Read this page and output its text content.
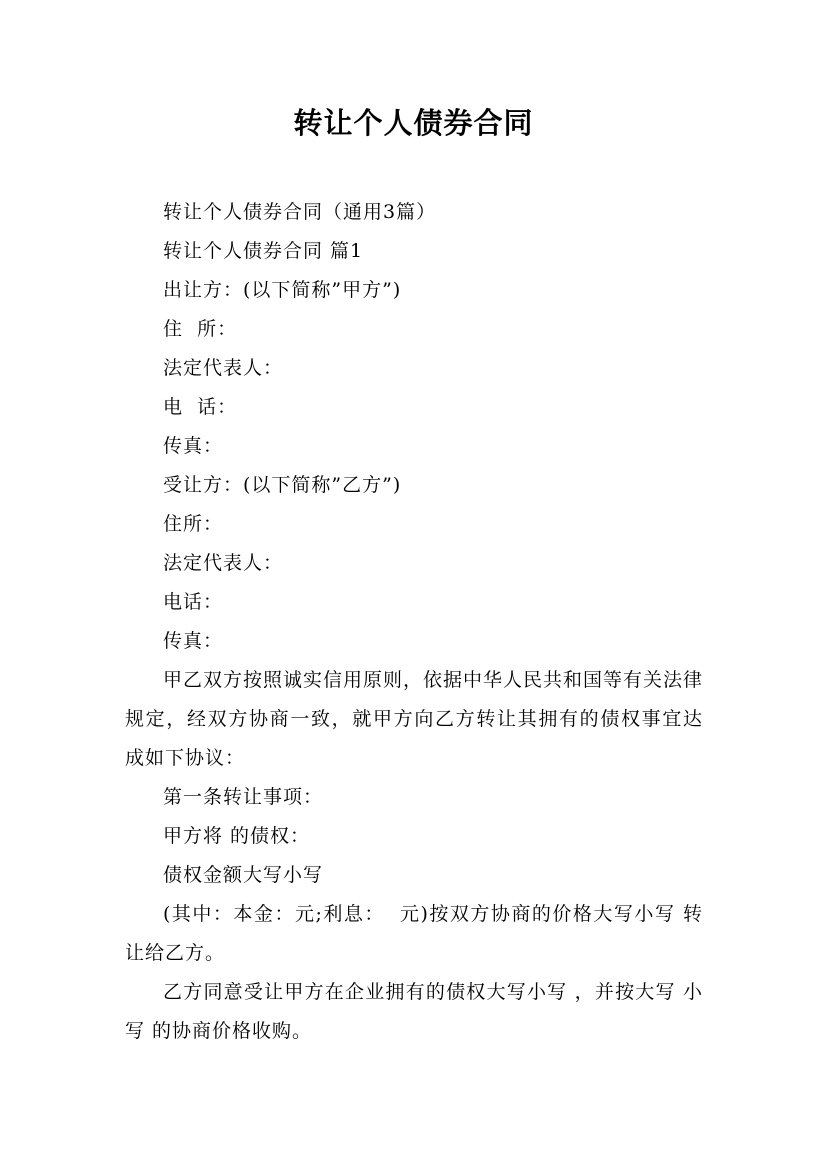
转让个人债券合同

转让个人债券合同（通用3篇）

转让个人债券合同 篇1

出让方：(以下简称”甲方”)

住  所：

法定代表人：

电  话：

传真：

受让方：(以下简称”乙方”)

住所：

法定代表人：

电话：

传真：

甲乙双方按照诚实信用原则，依据中华人民共和国等有关法律规定，经双方协商一致，就甲方向乙方转让其拥有的债权事宜达成如下协议：

第一条转让事项：

甲方将 的债权：

债权金额大写小写

(其中：本金：元;利息：  元)按双方协商的价格大写小写 转让给乙方。

乙方同意受让甲方在企业拥有的债权大写小写 ，并按大写 小写 的协商价格收购。
